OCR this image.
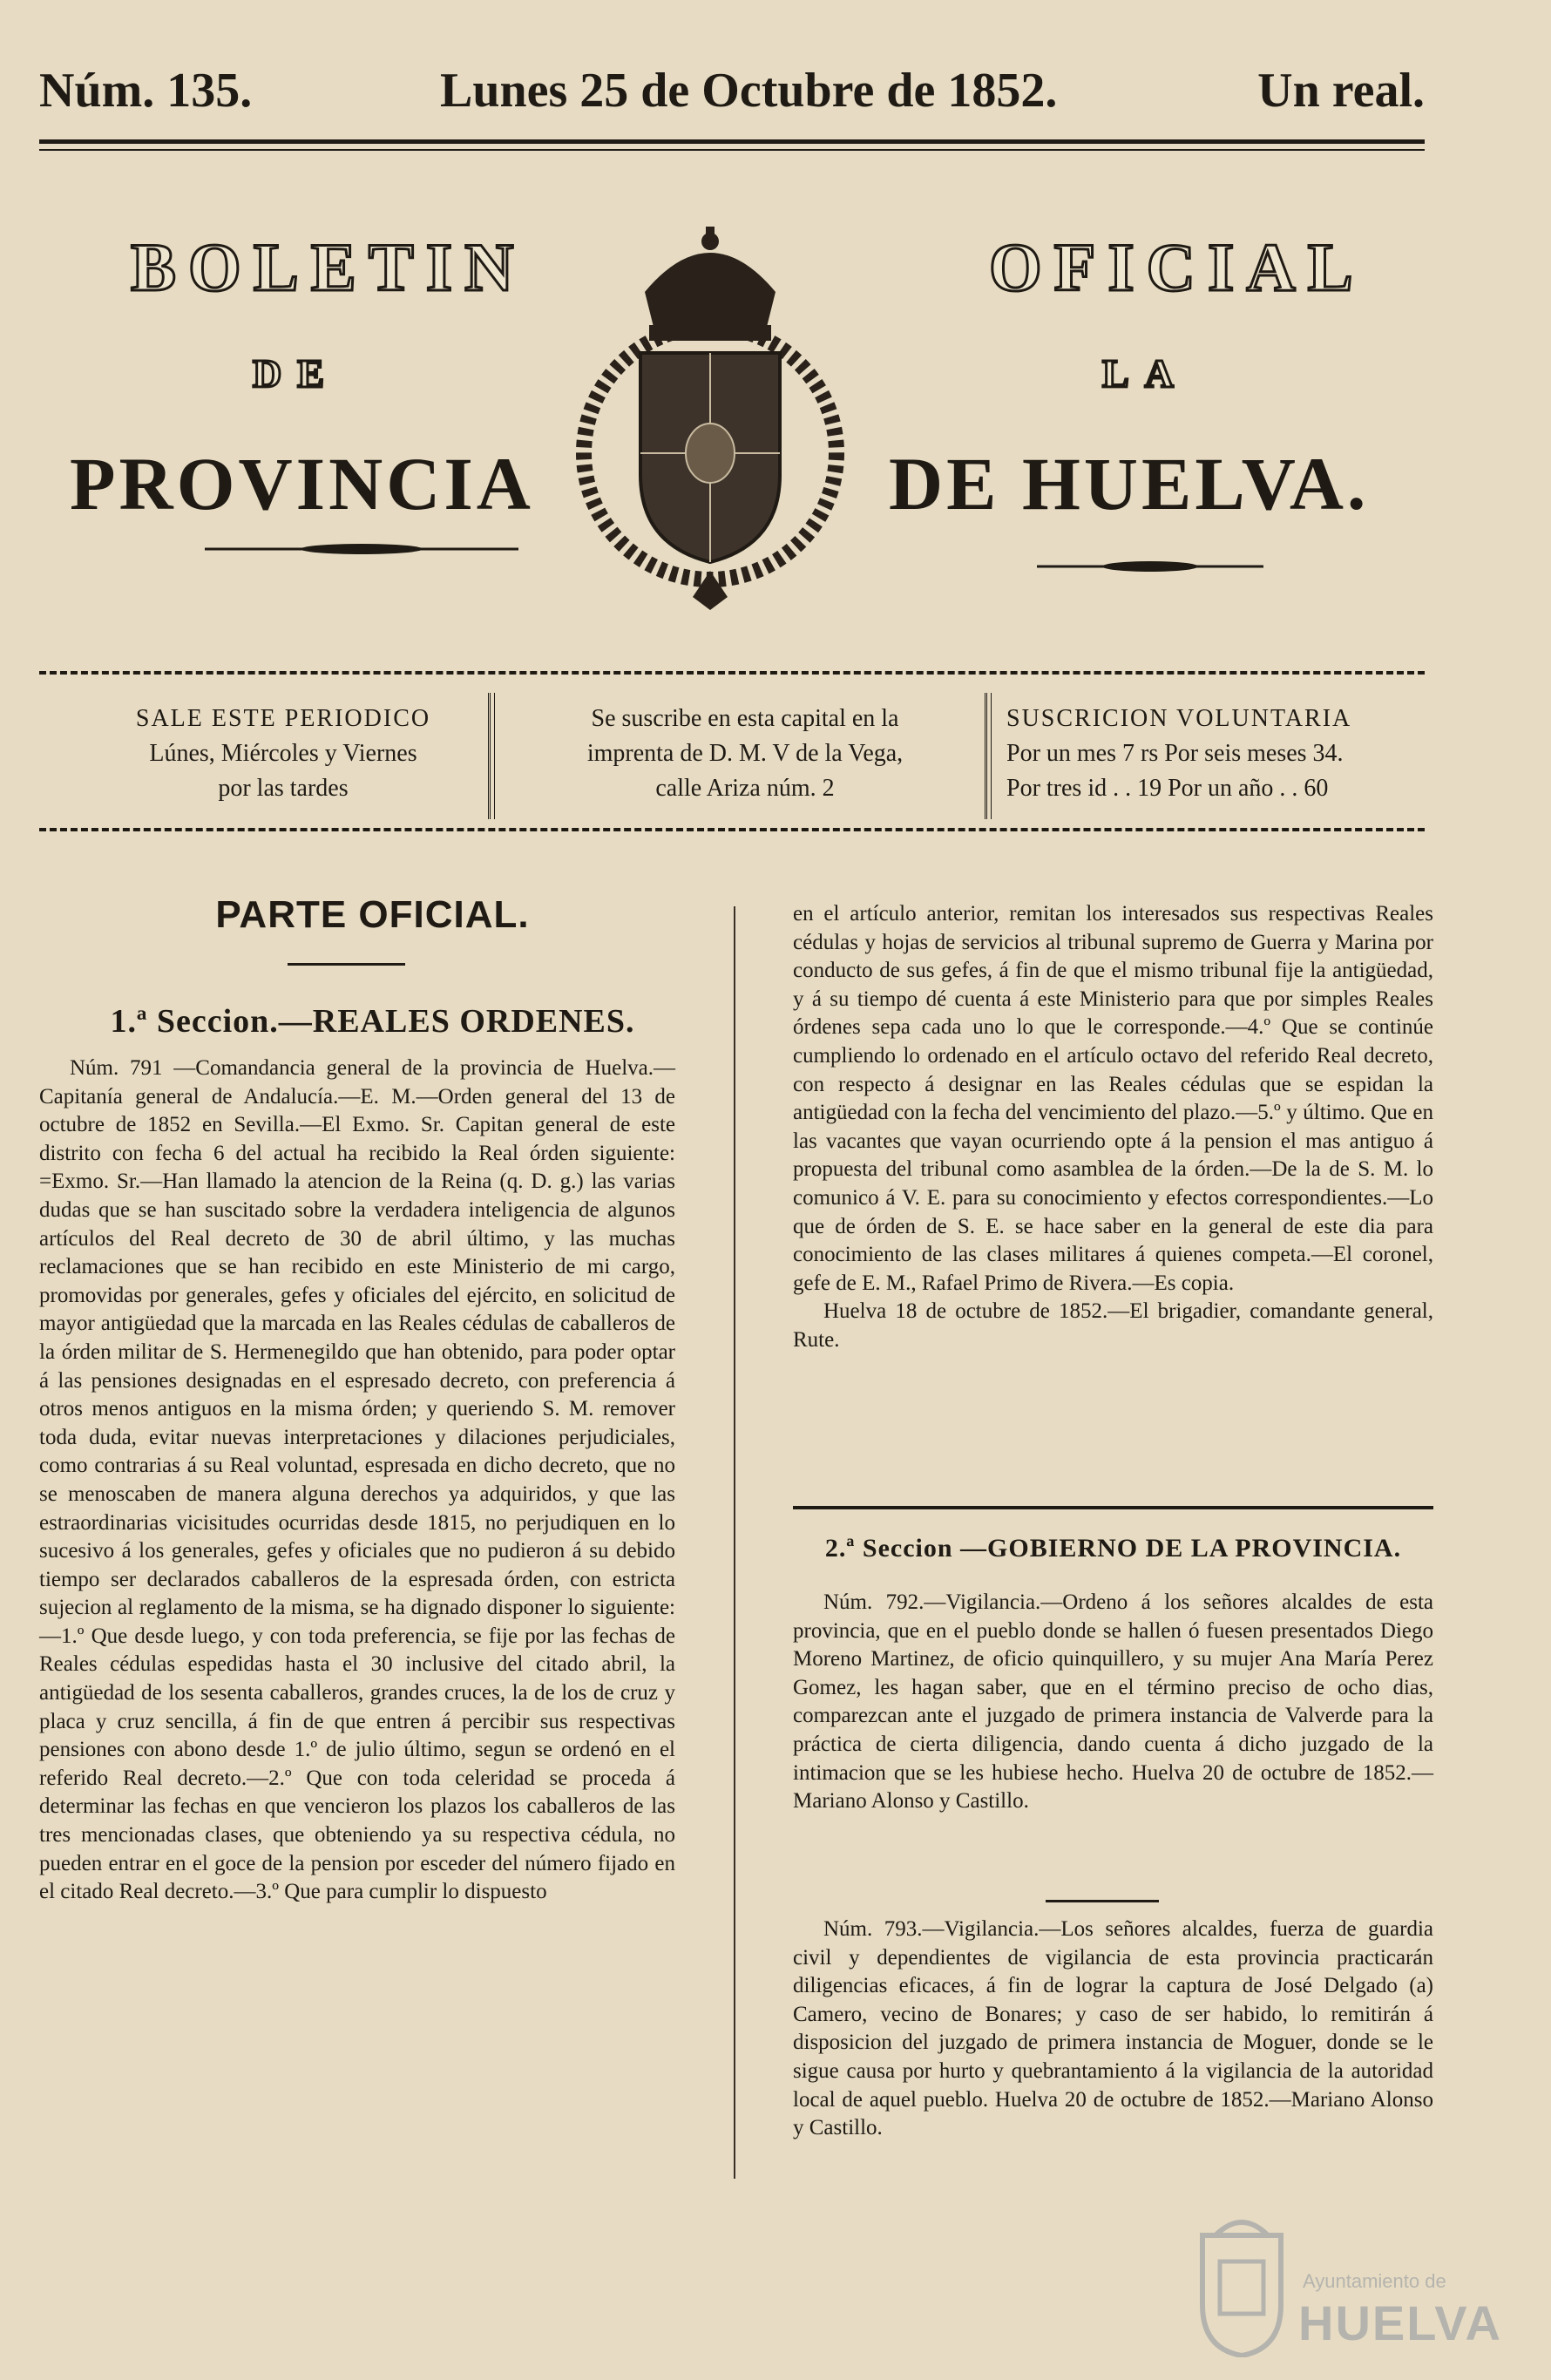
Núm. 135.	Lunes 25 de Octubre de 1852.	Un real.
BOLETIN	OFICIAL
DE	LA
PROVINCIA	DE HUELVA.
SALE ESTE PERIODICO
Lúnes, Miércoles y Viernes
por las tardes
Se suscribe en esta capital en la
imprenta de D. M. V de la Vega,
calle Ariza núm. 2
SUSCRICION VOLUNTARIA
Por un mes 7 rs Por seis meses 34.
Por tres id . . 19 Por un año . . 60
PARTE OFICIAL.
1.ª Seccion.—REALES ORDENES.

Núm. 791 —Comandancia general de la provincia de Huelva.—Capitanía general de Andalucía.—E. M.—Orden general del 13 de octubre de 1852 en Sevilla.—El Exmo. Sr. Capitan general de este distrito con fecha 6 del actual ha recibido la Real órden siguiente: =Exmo. Sr.—Han llamado la atencion de la Reina (q. D. g.) las varias dudas que se han suscitado sobre la verdadera inteligencia de algunos artículos del Real decreto de 30 de abril último, y las muchas reclamaciones que se han recibido en este Ministerio de mi cargo, promovidas por generales, gefes y oficiales del ejército, en solicitud de mayor antigüedad que la marcada en las Reales cédulas de caballeros de la órden militar de S. Hermenegildo que han obtenido, para poder optar á las pensiones designadas en el espresado decreto, con preferencia á otros menos antiguos en la misma órden; y queriendo S. M. remover toda duda, evitar nuevas interpretaciones y dilaciones perjudiciales, como contrarias á su Real voluntad, espresada en dicho decreto, que no se menoscaben de manera alguna derechos ya adquiridos, y que las estraordinarias vicisitudes ocurridas desde 1815, no perjudiquen en lo sucesivo á los generales, gefes y oficiales que no pudieron á su debido tiempo ser declarados caballeros de la espresada órden, con estricta sujecion al reglamento de la misma, se ha dignado disponer lo siguiente:—1.º Que desde luego, y con toda preferencia, se fije por las fechas de Reales cédulas espedidas hasta el 30 inclusive del citado abril, la antigüedad de los sesenta caballeros, grandes cruces, la de los de cruz y placa y cruz sencilla, á fin de que entren á percibir sus respectivas pensiones con abono desde 1.º de julio último, segun se ordenó en el referido Real decreto.—2.º Que con toda celeridad se proceda á determinar las fechas en que vencieron los plazos los caballeros de las tres mencionadas clases, que obteniendo ya su respectiva cédula, no pueden entrar en el goce de la pension por esceder del número fijado en el citado Real decreto.—3.º Que para cumplir lo dispuesto

en el artículo anterior, remitan los interesados sus respectivas Reales cédulas y hojas de servicios al tribunal supremo de Guerra y Marina por conducto de sus gefes, á fin de que el mismo tribunal fije la antigüedad, y á su tiempo dé cuenta á este Ministerio para que por simples Reales órdenes sepa cada uno lo que le corresponde.—4.º Que se continúe cumpliendo lo ordenado en el artículo octavo del referido Real decreto, con respecto á designar en las Reales cédulas que se espidan la antigüedad con la fecha del vencimiento del plazo.—5.º y último. Que en las vacantes que vayan ocurriendo opte á la pension el mas antiguo á propuesta del tribunal como asamblea de la órden.—De la de S. M. lo comunico á V. E. para su conocimiento y efectos correspondientes.—Lo que de órden de S. E. se hace saber en la general de este dia para conocimiento de las clases militares á quienes competa.—El coronel, gefe de E. M., Rafael Primo de Rivera.—Es copia.

Huelva 18 de octubre de 1852.—El brigadier, comandante general, Rute.

2.ª Seccion —GOBIERNO DE LA PROVINCIA.

Núm. 792.—Vigilancia.—Ordeno á los señores alcaldes de esta provincia, que en el pueblo donde se hallen ó fuesen presentados Diego Moreno Martinez, de oficio quinquillero, y su mujer Ana María Perez Gomez, les hagan saber, que en el término preciso de ocho dias, comparezcan ante el juzgado de primera instancia de Valverde para la práctica de cierta diligencia, dando cuenta á dicho juzgado de la intimacion que se les hubiese hecho. Huelva 20 de octubre de 1852.—Mariano Alonso y Castillo.

Núm. 793.—Vigilancia.—Los señores alcaldes, fuerza de guardia civil y dependientes de vigilancia de esta provincia practicarán diligencias eficaces, á fin de lograr la captura de José Delgado (a) Camero, vecino de Bonares; y caso de ser habido, lo remitirán á disposicion del juzgado de primera instancia de Moguer, donde se le sigue causa por hurto y quebrantamiento á la vigilancia de la autoridad local de aquel pueblo. Huelva 20 de octubre de 1852.—Mariano Alonso y Castillo.

Ayuntamiento de
HUELVA
